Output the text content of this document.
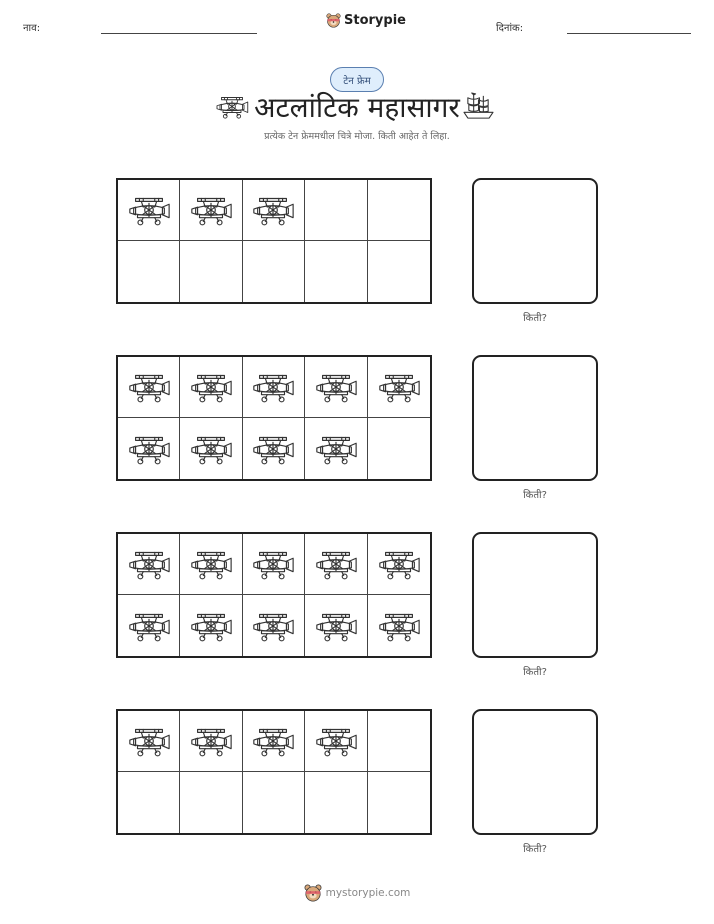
नाव:
Storypie
दिनांक:
टेन फ्रेम
अटलांटिक महासागर
प्रत्येक टेन फ्रेममधील चित्रे मोजा. किती आहेत ते लिहा.
किती?
किती?
किती?
किती?
mystorypie.com
